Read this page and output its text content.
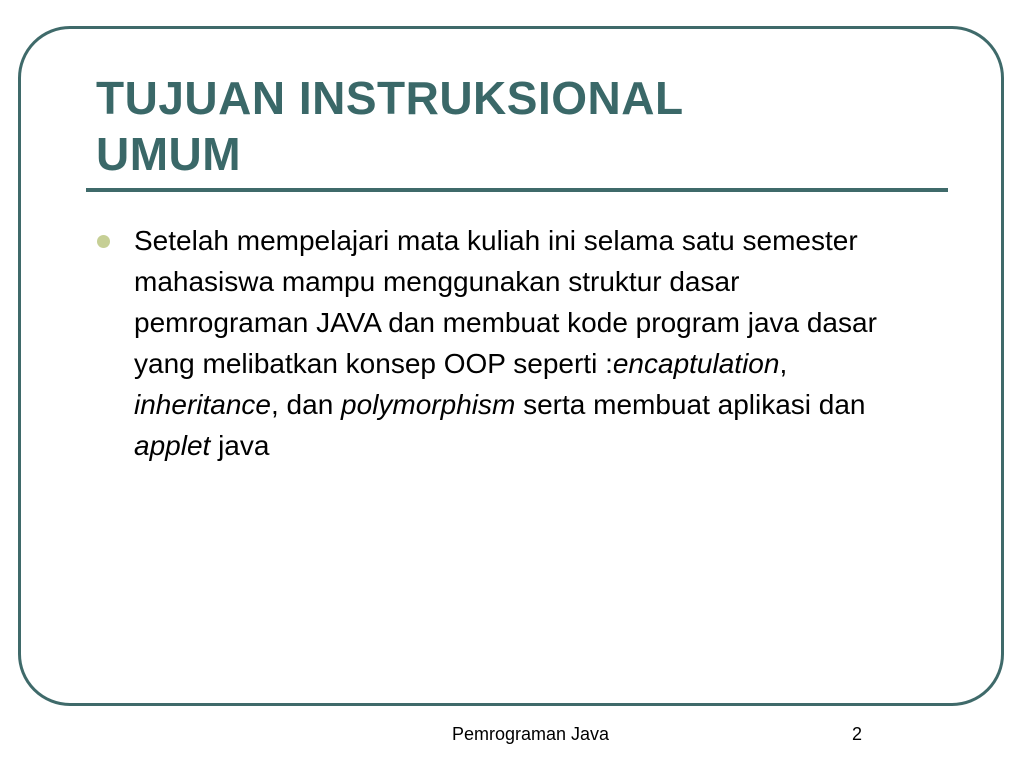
TUJUAN INSTRUKSIONAL
UMUM
Setelah mempelajari mata kuliah ini selama satu semester mahasiswa mampu menggunakan struktur dasar pemrograman JAVA dan membuat kode program java dasar yang melibatkan konsep OOP seperti :encaptulation, inheritance, dan polymorphism serta membuat aplikasi dan applet java
Pemrograman Java	2
